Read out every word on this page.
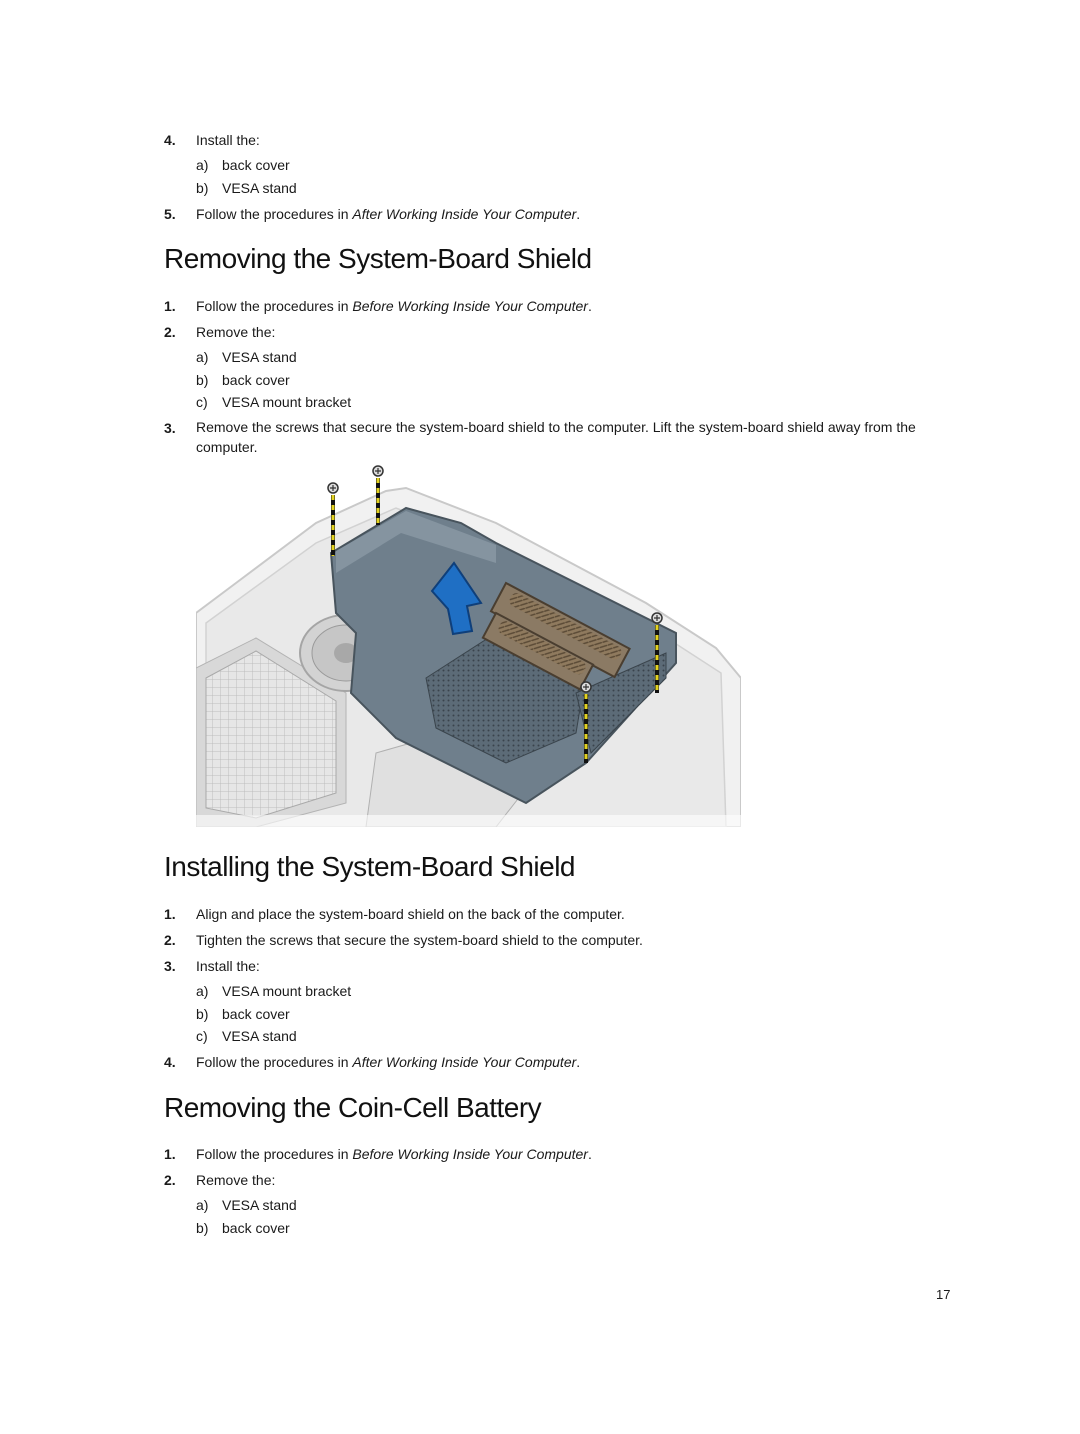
4. Install the:
a) back cover
b) VESA stand
5. Follow the procedures in After Working Inside Your Computer.
Removing the System-Board Shield
1. Follow the procedures in Before Working Inside Your Computer.
2. Remove the:
a) VESA stand
b) back cover
c) VESA mount bracket
3. Remove the screws that secure the system-board shield to the computer. Lift the system-board shield away from the computer.
Installing the System-Board Shield
1. Align and place the system-board shield on the back of the computer.
2. Tighten the screws that secure the system-board shield to the computer.
3. Install the:
a) VESA mount bracket
b) back cover
c) VESA stand
4. Follow the procedures in After Working Inside Your Computer.
Removing the Coin-Cell Battery
1. Follow the procedures in Before Working Inside Your Computer.
2. Remove the:
a) VESA stand
b) back cover
17
